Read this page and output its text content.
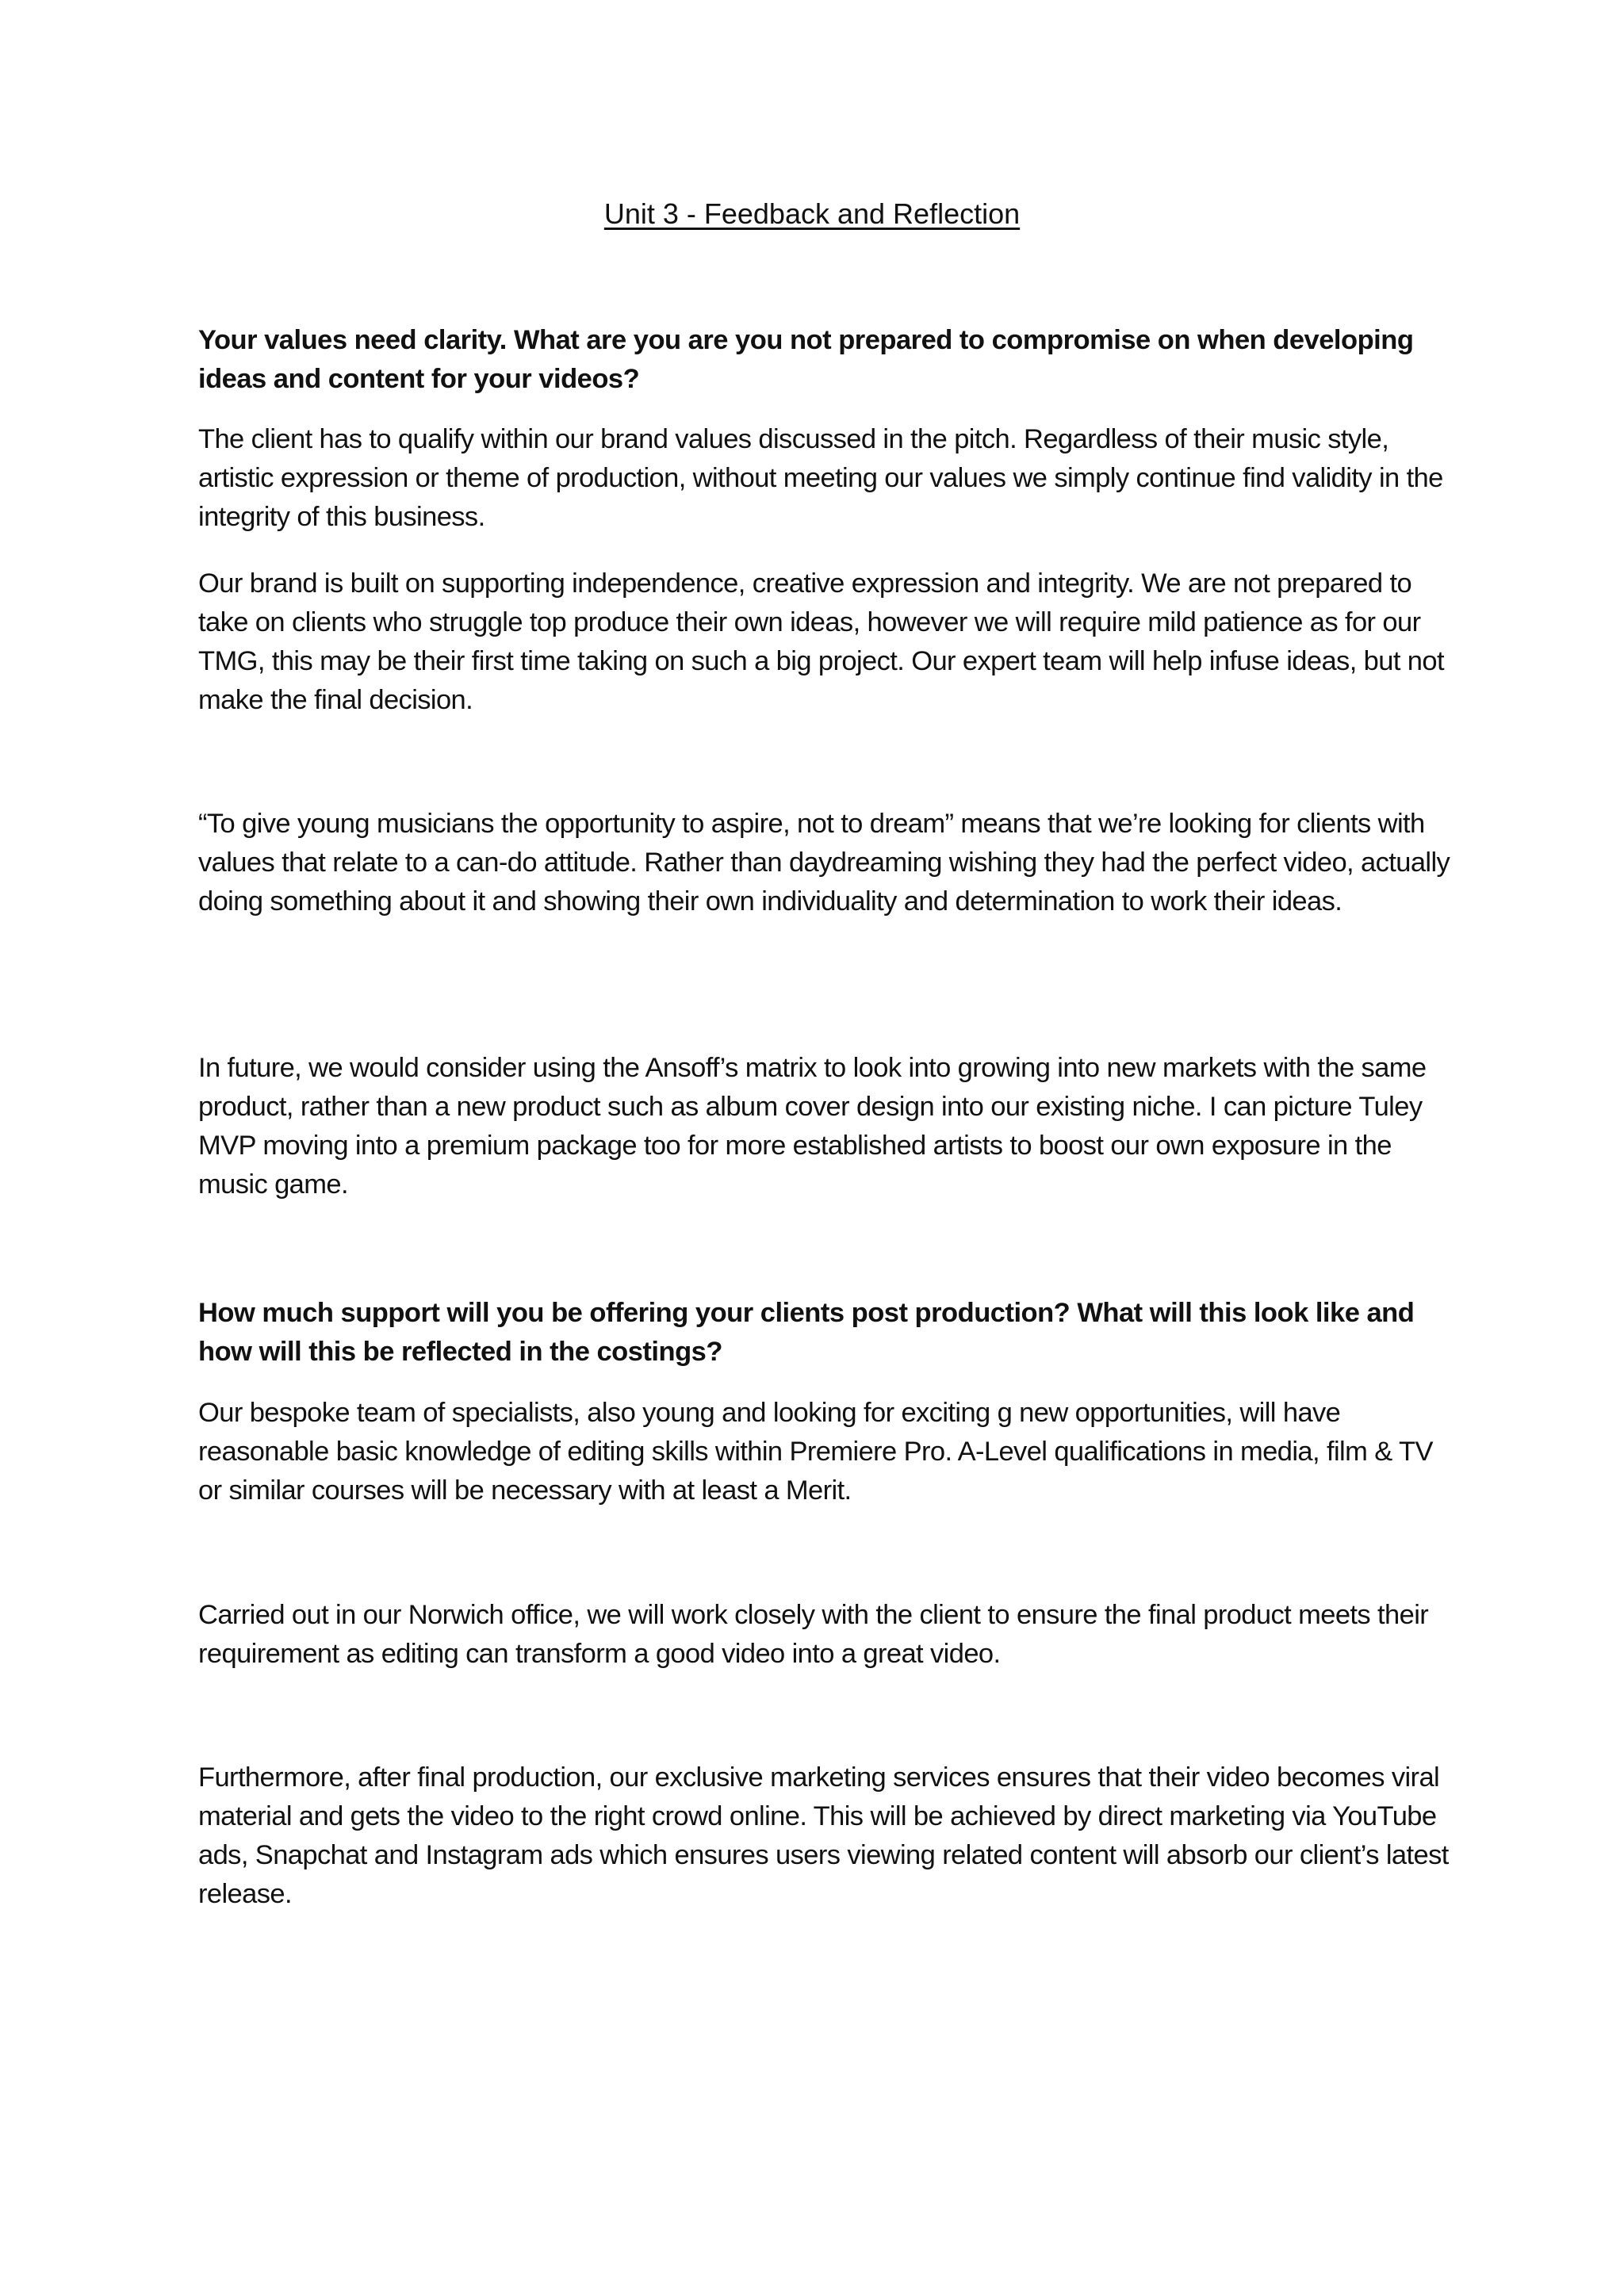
Unit 3 - Feedback and Reflection

Your values need clarity. What are you are you not prepared to compromise on when developing ideas and content for your videos?

The client has to qualify within our brand values discussed in the pitch. Regardless of their music style, artistic expression or theme of production, without meeting our values we simply continue find validity in the integrity of this business.

Our brand is built on supporting independence, creative expression and integrity. We are not prepared to take on clients who struggle top produce their own ideas, however we will require mild patience as for our TMG, this may be their first time taking on such a big project. Our expert team will help infuse ideas, but not make the final decision.

“To give young musicians the opportunity to aspire, not to dream” means that we’re looking for clients with values that relate to a can-do attitude. Rather than daydreaming wishing they had the perfect video, actually doing something about it and showing their own individuality and determination to work their ideas.

In future, we would consider using the Ansoff’s matrix to look into growing into new markets with the same product, rather than a new product such as album cover design into our existing niche. I can picture Tuley MVP moving into a premium package too for more established artists to boost our own exposure in the music game.

How much support will you be offering your clients post production? What will this look like and how will this be reflected in the costings?

Our bespoke team of specialists, also young and looking for exciting g new opportunities, will have reasonable basic knowledge of editing skills within Premiere Pro. A-Level qualifications in media, film & TV or similar courses will be necessary with at least a Merit.

Carried out in our Norwich office, we will work closely with the client to ensure the final product meets their requirement as editing can transform a good video into a great video.

Furthermore, after final production, our exclusive marketing services ensures that their video becomes viral material and gets the video to the right crowd online. This will be achieved by direct marketing via YouTube ads, Snapchat and Instagram ads which ensures users viewing related content will absorb our client’s latest release.
